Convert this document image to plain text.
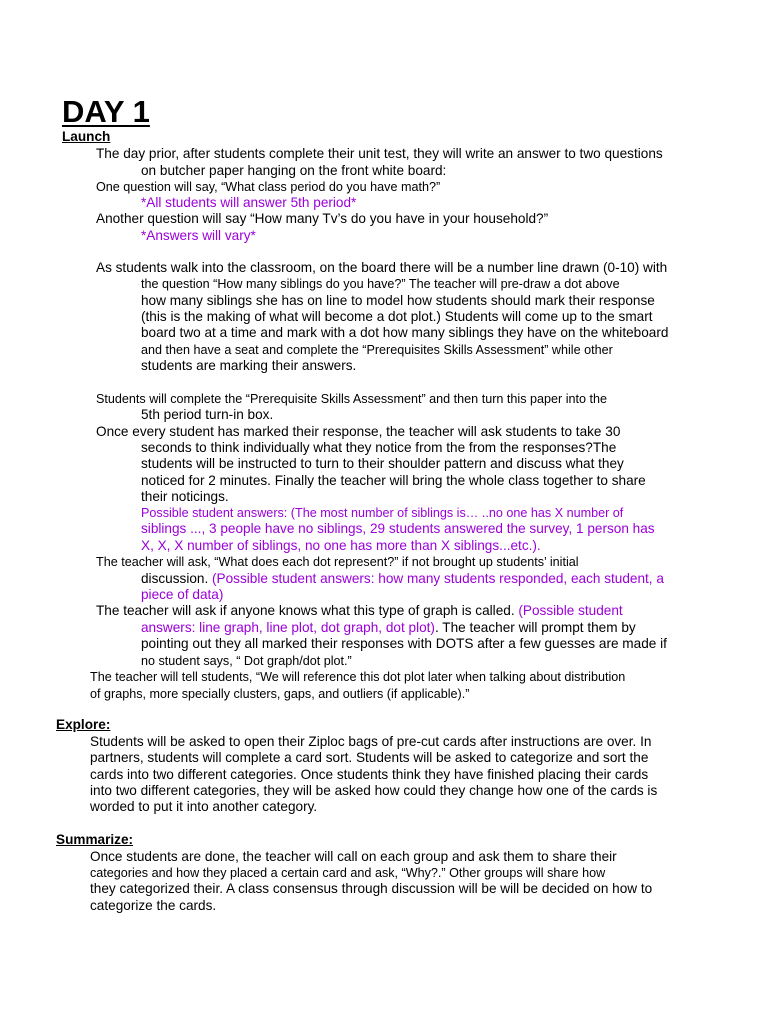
DAY 1
Launch
The day prior, after students complete their unit test, they will write an answer to two questions
on butcher paper hanging on the front white board:
One question will say, “What class period do you have math?”
*All students will answer 5th period*
Another question will say “How many Tv’s do you have in your household?”
*Answers will vary*
As students walk into the classroom, on the board there will be a number line drawn (0-10) with
the question “How many siblings do you have?” The teacher will pre-draw a dot above
how many siblings she has on line to model how students should mark their response
(this is the making of what will become a dot plot.) Students will come up to the smart
board two at a time and mark with a dot how many siblings they have on the whiteboard
and then have a seat and complete the “Prerequisites Skills Assessment” while other
students are marking their answers.
Students will complete the “Prerequisite Skills Assessment” and then turn this paper into the
5th period turn-in box.
Once every student has marked their response, the teacher will ask students to take 30
seconds to think individually what they notice from the from the responses?The
students will be instructed to turn to their shoulder pattern and discuss what they
noticed for 2 minutes. Finally the teacher will bring the whole class together to share
their noticings.
Possible student answers: (The most number of siblings is… ..no one has X number of
siblings ..., 3 people have no siblings, 29 students answered the survey, 1 person has
X, X, X number of siblings, no one has more than X siblings...etc.).
The teacher will ask, “What does each dot represent?” if not brought up students’ initial
discussion. (Possible student answers: how many students responded, each student, a
piece of data)
The teacher will ask if anyone knows what this type of graph is called. (Possible student
answers: line graph, line plot, dot graph, dot plot). The teacher will prompt them by
pointing out they all marked their responses with DOTS after a few guesses are made if
no student says, “ Dot graph/dot plot.”
The teacher will tell students, “We will reference this dot plot later when talking about distribution
of graphs, more specially clusters, gaps, and outliers (if applicable).”
Explore:
Students will be asked to open their Ziploc bags of pre-cut cards after instructions are over. In
partners, students will complete a card sort. Students will be asked to categorize and sort the
cards into two different categories. Once students think they have finished placing their cards
into two different categories, they will be asked how could they change how one of the cards is
worded to put it into another category.
Summarize:
Once students are done, the teacher will call on each group and ask them to share their
categories and how they placed a certain card and ask, “Why?.” Other groups will share how
they categorized their. A class consensus through discussion will be will be decided on how to
categorize the cards.
